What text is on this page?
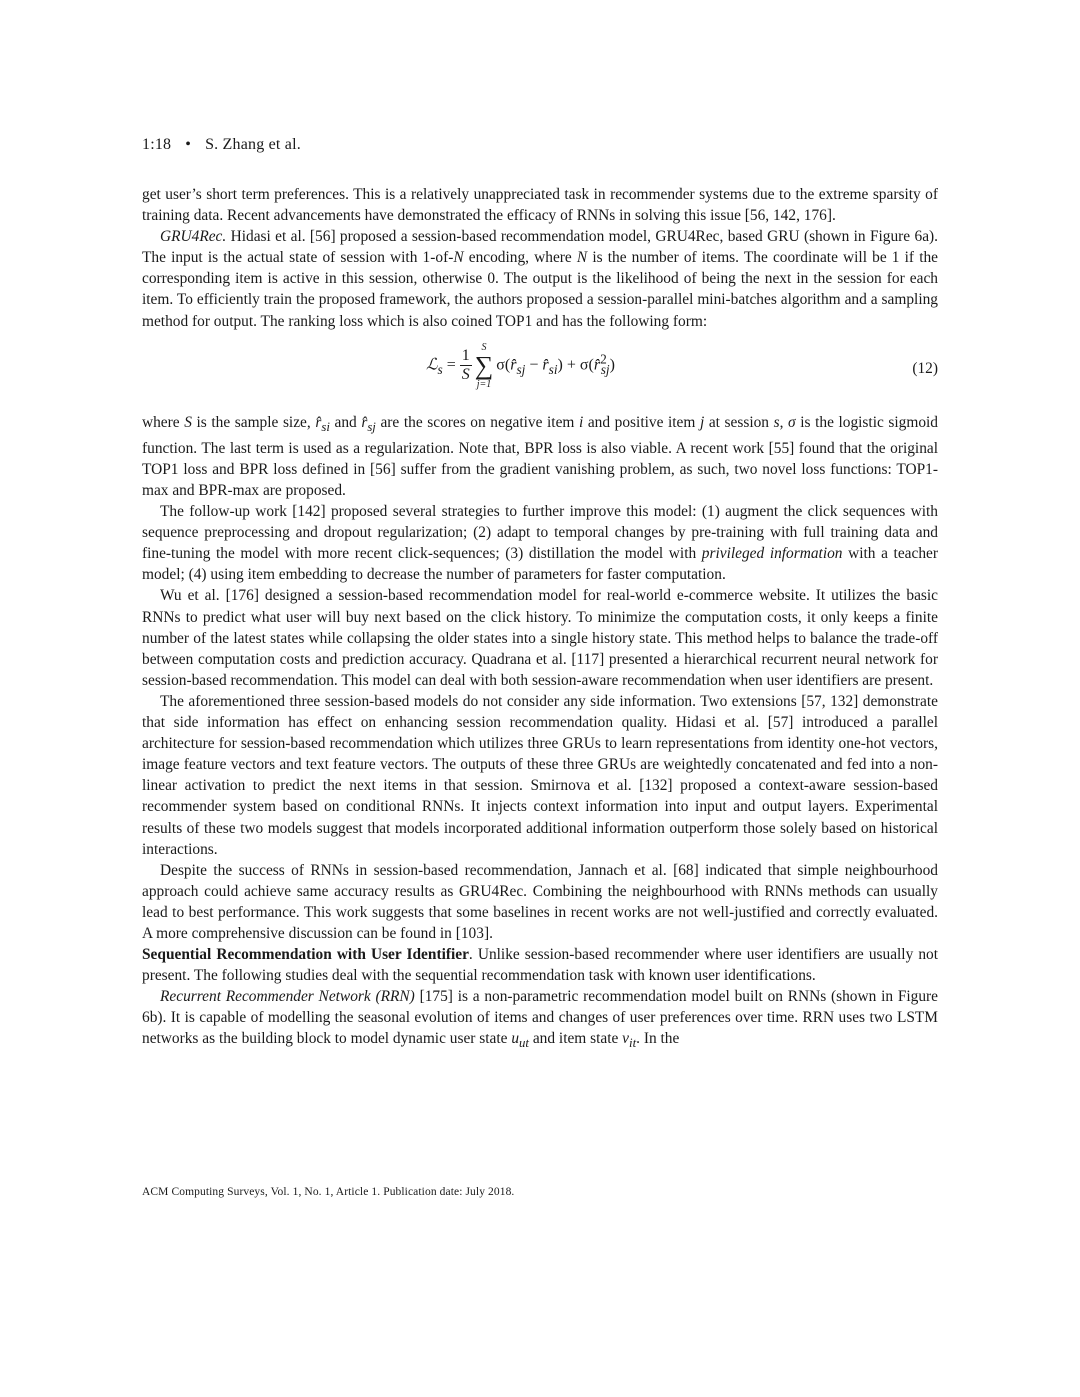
1:18 • S. Zhang et al.

get user’s short term preferences. This is a relatively unappreciated task in recommender systems due to the extreme sparsity of training data. Recent advancements have demonstrated the efficacy of RNNs in solving this issue [56, 142, 176].

GRU4Rec. Hidasi et al. [56] proposed a session-based recommendation model, GRU4Rec, based GRU (shown in Figure 6a). The input is the actual state of session with 1-of-N encoding, where N is the number of items. The coordinate will be 1 if the corresponding item is active in this session, otherwise 0. The output is the likelihood of being the next in the session for each item. To efficiently train the proposed framework, the authors proposed a session-parallel mini-batches algorithm and a sampling method for output. The ranking loss which is also coined TOP1 and has the following form:

ℒ$_s$ = $\frac{1}{S}$ S
∑
j=1
$\sigma(r̂_{sj}$ − $r̂_{si}$) + σ(r̂$^2_{sj}$)	(12)

where S is the sample size, $r̂_{si}$ and $r̂_{sj}$ are the scores on negative item i and positive item j at session s, σ is the logistic sigmoid function. The last term is used as a regularization. Note that, BPR loss is also viable. A recent work [55] found that the original TOP1 loss and BPR loss defined in [56] suffer from the gradient vanishing problem, as such, two novel loss functions: TOP1-max and BPR-max are proposed.

The follow-up work [142] proposed several strategies to further improve this model: (1) augment the click sequences with sequence preprocessing and dropout regularization; (2) adapt to temporal changes by pre-training with full training data and fine-tuning the model with more recent click-sequences; (3) distillation the model with privileged information with a teacher model; (4) using item embedding to decrease the number of parameters for faster computation.

Wu et al. [176] designed a session-based recommendation model for real-world e-commerce website. It utilizes the basic RNNs to predict what user will buy next based on the click history. To minimize the computation costs, it only keeps a finite number of the latest states while collapsing the older states into a single history state. This method helps to balance the trade-off between computation costs and prediction accuracy. Quadrana et al. [117] presented a hierarchical recurrent neural network for session-based recommendation. This model can deal with both session-aware recommendation when user identifiers are present.

The aforementioned three session-based models do not consider any side information. Two extensions [57, 132] demonstrate that side information has effect on enhancing session recommendation quality. Hidasi et al. [57] introduced a parallel architecture for session-based recommendation which utilizes three GRUs to learn representations from identity one-hot vectors, image feature vectors and text feature vectors. The outputs of these three GRUs are weightedly concatenated and fed into a non-linear activation to predict the next items in that session. Smirnova et al. [132] proposed a context-aware session-based recommender system based on conditional RNNs. It injects context information into input and output layers. Experimental results of these two models suggest that models incorporated additional information outperform those solely based on historical interactions.

Despite the success of RNNs in session-based recommendation, Jannach et al. [68] indicated that simple neighbourhood approach could achieve same accuracy results as GRU4Rec. Combining the neighbourhood with RNNs methods can usually lead to best performance. This work suggests that some baselines in recent works are not well-justified and correctly evaluated. A more comprehensive discussion can be found in [103].

Sequential Recommendation with User Identifier. Unlike session-based recommender where user identifiers are usually not present. The following studies deal with the sequential recommendation task with known user identifications.

Recurrent Recommender Network (RRN) [175] is a non-parametric recommendation model built on RNNs (shown in Figure 6b). It is capable of modelling the seasonal evolution of items and changes of user preferences over time. RRN uses two LSTM networks as the building block to model dynamic user state $u_{ut}$ and item state $v_{it}$. In the

ACM Computing Surveys, Vol. 1, No. 1, Article 1. Publication date: July 2018.
